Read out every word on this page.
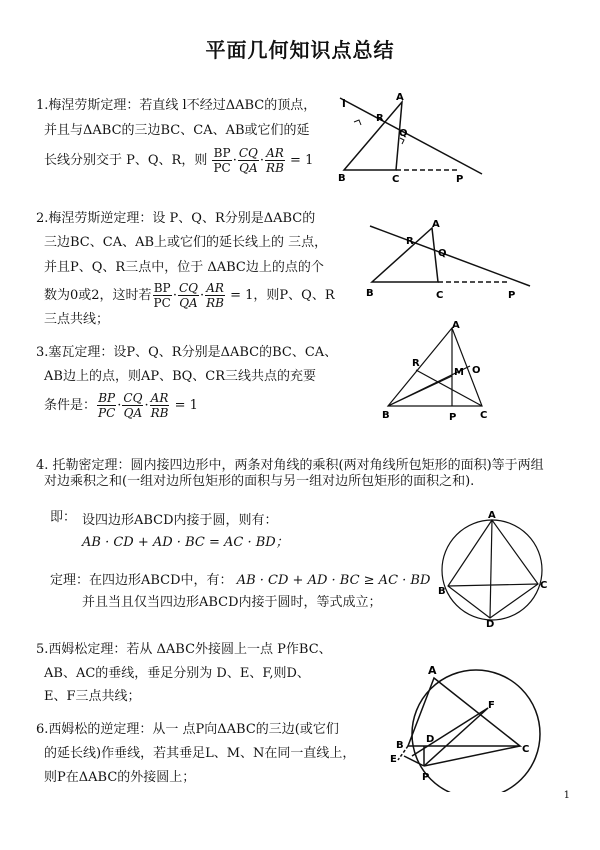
平面几何知识点总结
1.梅涅劳斯定理：若直线 l不经过ΔABC的顶点，
并且与ΔABC的三边BC、CA、AB或它们的延
长线分别交于 P、Q、R，则 $\frac{BP}{PC} \cdot \frac{CQ}{QA} \cdot \frac{AR}{RB} = 1$
l	A
R
Q
B	C	P
2.梅涅劳斯逆定理：设 P、Q、R分别是ΔABC的
三边BC、CA、AB上或它们的延长线上的 三点，
并且P、Q、R三点中，位于 ΔABC边上的点的个
数为0或2，这时若 $\frac{BP}{PC} \cdot \frac{CQ}{QA} \cdot \frac{AR}{RB} = 1$，则P、Q、R
三点共线；
A
R
Q
B	C	P
3.塞瓦定理：设P、Q、R分别是ΔABC的BC、CA、
AB边上的点，则AP、BQ、CR三线共点的充要
条件是： $\frac{BP}{PC} \cdot \frac{CQ}{QA} \cdot \frac{AR}{RB} = 1$
A
R
M O
B	P C
4. 托勒密定理：圆内接四边形中，两条对角线的乘积(两对角线所包矩形的面积)等于两组
对边乘积之和(一组对边所包矩形的面积与另一组对边所包矩形的面积之和).
即： 设四边形ABCD内接于圆，则有：
AB · CD + AD · BC = AC · BD；
定理：在四边形ABCD中，有： AB · CD + AD · BC ≥ AC · BD
并且当且仅当四边形ABCD内接于圆时，等式成立；
A
B
C
D
5.西姆松定理：若从 ΔABC外接圆上一点 P作BC、
AB、AC的垂线，垂足分别为 D、E、F,则D、
E、F三点共线；
6.西姆松的逆定理：从一 点P向ΔABC的三边(或它们
的延长线)作垂线，若其垂足L、M、N在同一直线上，
则P在ΔABC的外接圆上；
A
F
B
D
E
C
P
1
